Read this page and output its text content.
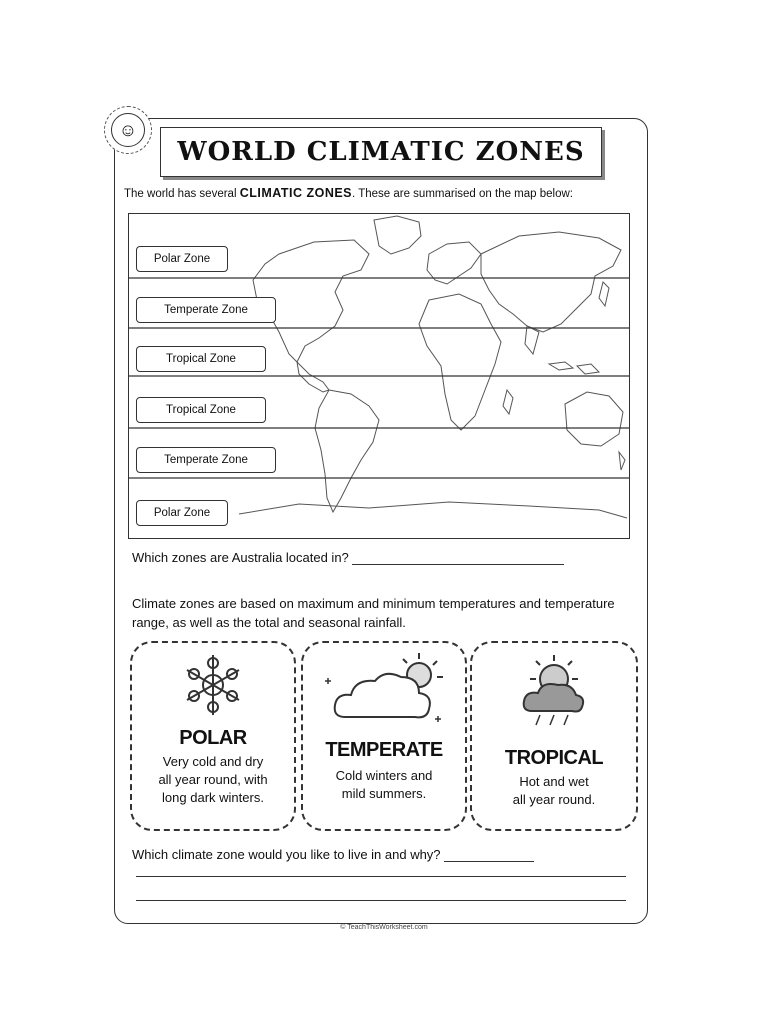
☺
WORLD CLIMATIC ZONES
The world has several CLIMATIC ZONES. These are summarised on the map below:
Polar Zone
Temperate Zone
Tropical Zone
Tropical Zone
Temperate Zone
Polar Zone
Which zones are Australia located in?
Climate zones are based on maximum and minimum temperatures and temperature range, as well as the total and seasonal rainfall.
POLAR
Very cold and dry
all year round, with
long dark winters.
TEMPERATE
Cold winters and
mild summers.
TROPICAL
Hot and wet
all year round.
Which climate zone would you like to live in and why?
© TeachThisWorksheet.com
